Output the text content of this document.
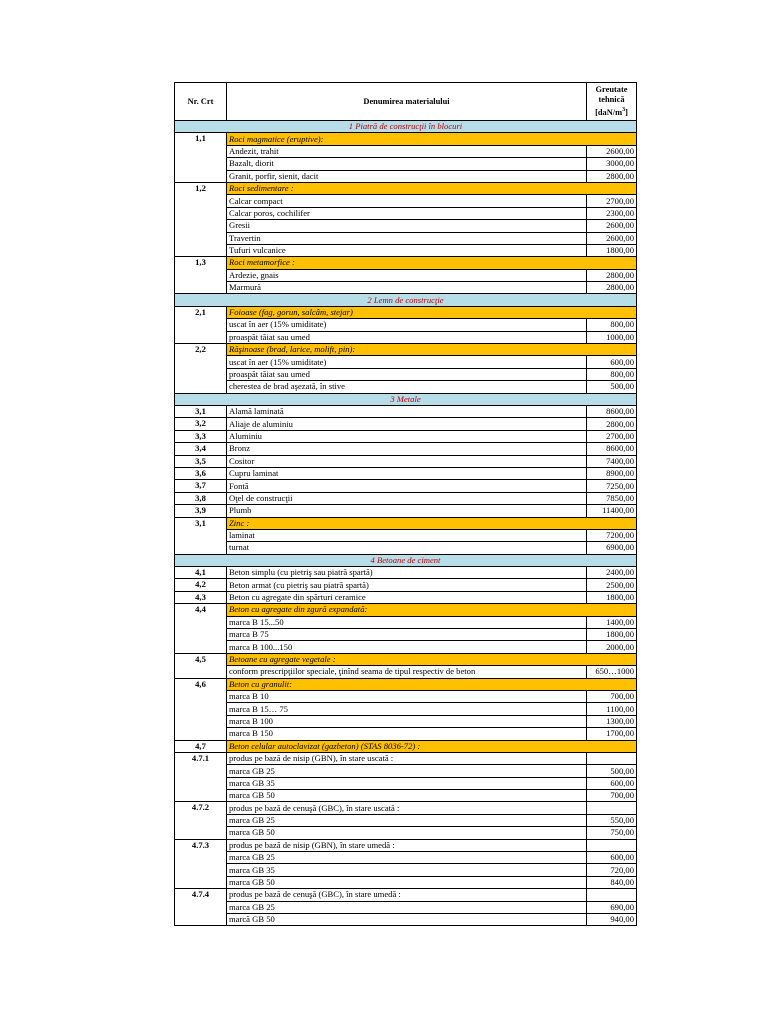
Nr. Crt	Denumirea materialului	Greutate
tehnică
$[daN/m^3]$
1 Piatră de construcţii în blocuri		
1,1	Roci magmatice (eruptive):	
	Andezit, trahit	2600,00
	Bazalt, diorit	3000,00
	Granit, porfir, sienit, dacit	2800,00
1,2	Roci sedimentare :	
	Calcar compact	2700,00
	Calcar poros, cochilifer	2300,00
	Gresii	2600,00
	Travertin	2600,00
	Tufuri vulcanice	1800,00
1,3	Roci metamorfice :	
	Ardezie, gnais	2800,00
	Marmură	2800,00
2 Lemn de construcţie		
2,1	Foioase (fag, gorun, salcâm, stejar)	
	uscat în aer (15% umiditate)	800,00
	proaspăt tăiat sau umed	1000,00
2,2	Răşinoase (brad, larice, molift, pin):	
	uscat în aer (15% umiditate)	600,00
	proaspăt tăiat sau umed	800,00
	cherestea de brad aşezată, în stive	500,00
3 Metale		
3,1	Alamă laminată	8600,00
3,2	Aliaje de aluminiu	2800,00
3,3	Aluminiu	2700,00
3,4	Bronz	8600,00
3,5	Cositor	7400,00
3,6	Cupru laminat	8900,00
3,7	Fontă	7250,00
3,8	Oţel de construcţii	7850,00
3,9	Plumb	11400,00
3,1	Zinc :	
	laminat	7200,00
	turnat	6900,00
4 Betoane de ciment		
4,1	Beton simplu (cu pietriş sau piatră spartă)	2400,00
4,2	Beton armat (cu pietriş sau piatră spartă)	2500,00
4,3	Beton cu agregate din spărturi ceramice	1800,00
4,4	Beton cu agregate din zgură expandată:	
	marca B 15...50	1400,00
	marca B 75	1800,00
	marca B 100...150	2000,00
4,5	Betoane cu agregate vegetale :	
	conform prescripţiilor speciale, ţinînd seama de tipul respectiv de beton	650…1000
4,6	Beton cu granulit:	
	marca B 10	700,00
	marca B 15… 75	1100,00
	marca B 100	1300,00
	marca B 150	1700,00
4,7	Beton celular autoclavizat (gazbeton) (STAS 8036-72) :	
4.7.1	produs pe bază de nisip (GBN), în stare uscată :	
	marca GB 25	500,00
	marca GB 35	600,00
	marca GB 50	700,00
4.7.2	produs pe bază de cenuşă (GBC), în stare uscată :	
	marca GB 25	550,00
	marca GB 50	750,00
4.7.3	produs pe bază de nisip (GBN), în stare umedă :	
	marca GB 25	600,00
	marca GB 35	720,00
	marca GB 50	840,00
4.7.4	produs pe bază de cenuşă (GBC), în stare umedă :	
	marca GB 25	690,00
	marcă GB 50	940,00
